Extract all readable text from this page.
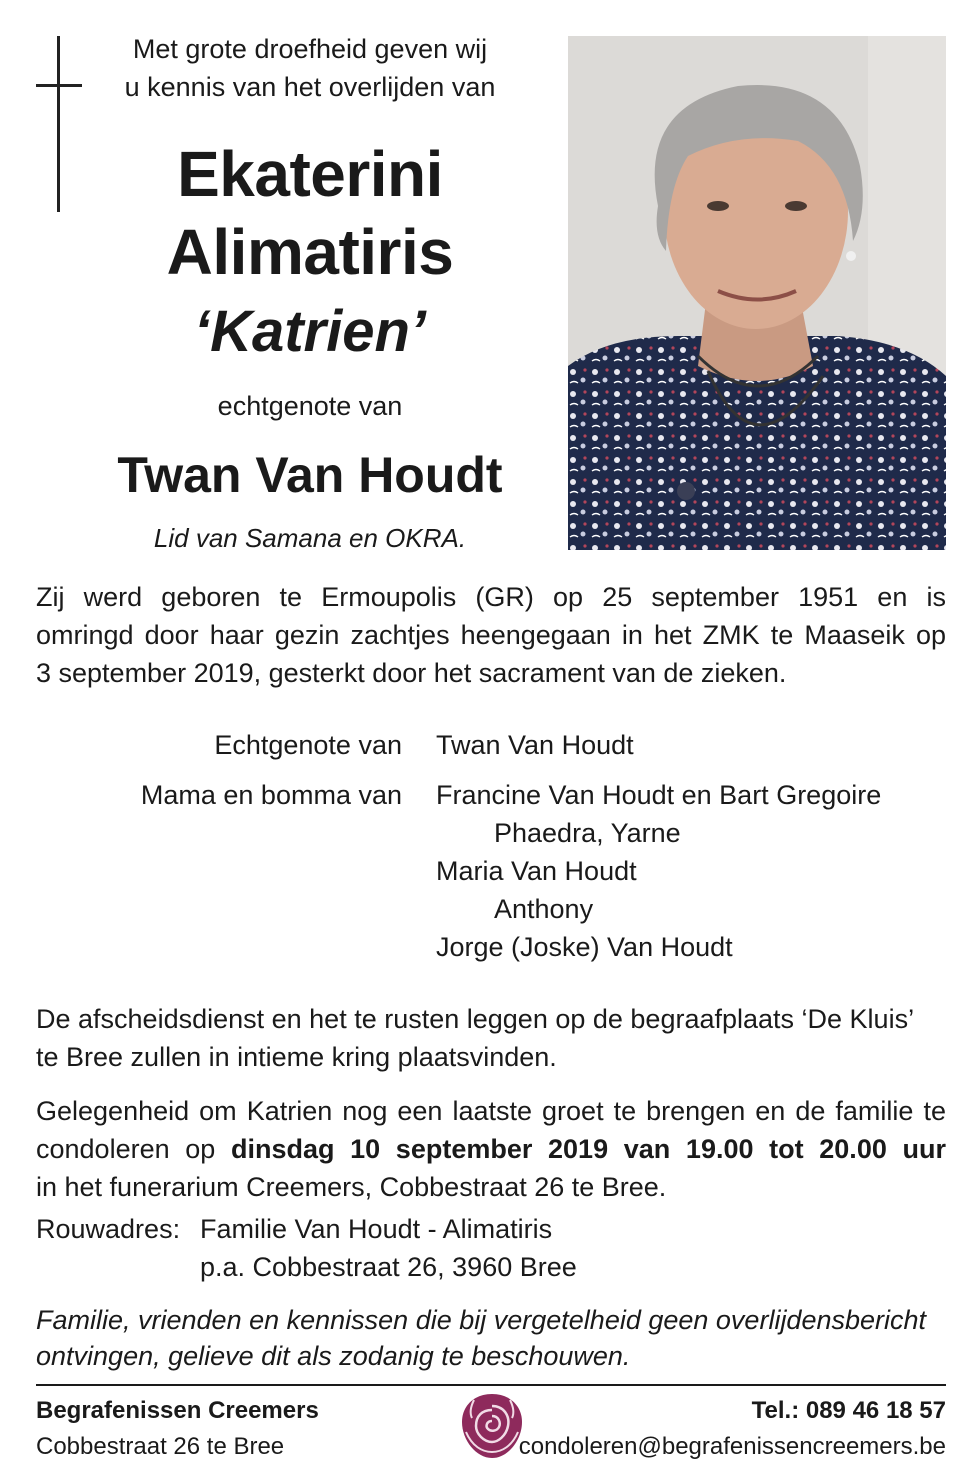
Met grote droefheid geven wij
u kennis van het overlijden van
Ekaterini
Alimatiris
‘Katrien’
echtgenote van
Twan Van Houdt
Lid van Samana en OKRA.
Zij werd geboren te Ermoupolis (GR) op 25 september 1951 en is
omringd door haar gezin zachtjes heengegaan in het ZMK te Maaseik op
3 september 2019, gesterkt door het sacrament van de zieken.
Echtgenote van Twan Van Houdt
Mama en bomma van Francine Van Houdt en Bart Gregoire
Phaedra, Yarne
Maria Van Houdt
Anthony
Jorge (Joske) Van Houdt
De afscheidsdienst en het te rusten leggen op de begraafplaats ‘De Kluis’
te Bree zullen in intieme kring plaatsvinden.
Gelegenheid om Katrien nog een laatste groet te brengen en de familie te
condoleren op dinsdag 10 september 2019 van 19.00 tot 20.00 uur
in het funerarium Creemers, Cobbestraat 26 te Bree.
Rouwadres: Familie Van Houdt - Alimatiris
p.a. Cobbestraat 26, 3960 Bree
Familie, vrienden en kennissen die bij vergetelheid geen overlijdensbericht
ontvingen, gelieve dit als zodanig te beschouwen.
Begrafenissen Creemers
Cobbestraat 26 te Bree
Tel.: 089 46 18 57
condoleren@begrafenissencreemers.be
